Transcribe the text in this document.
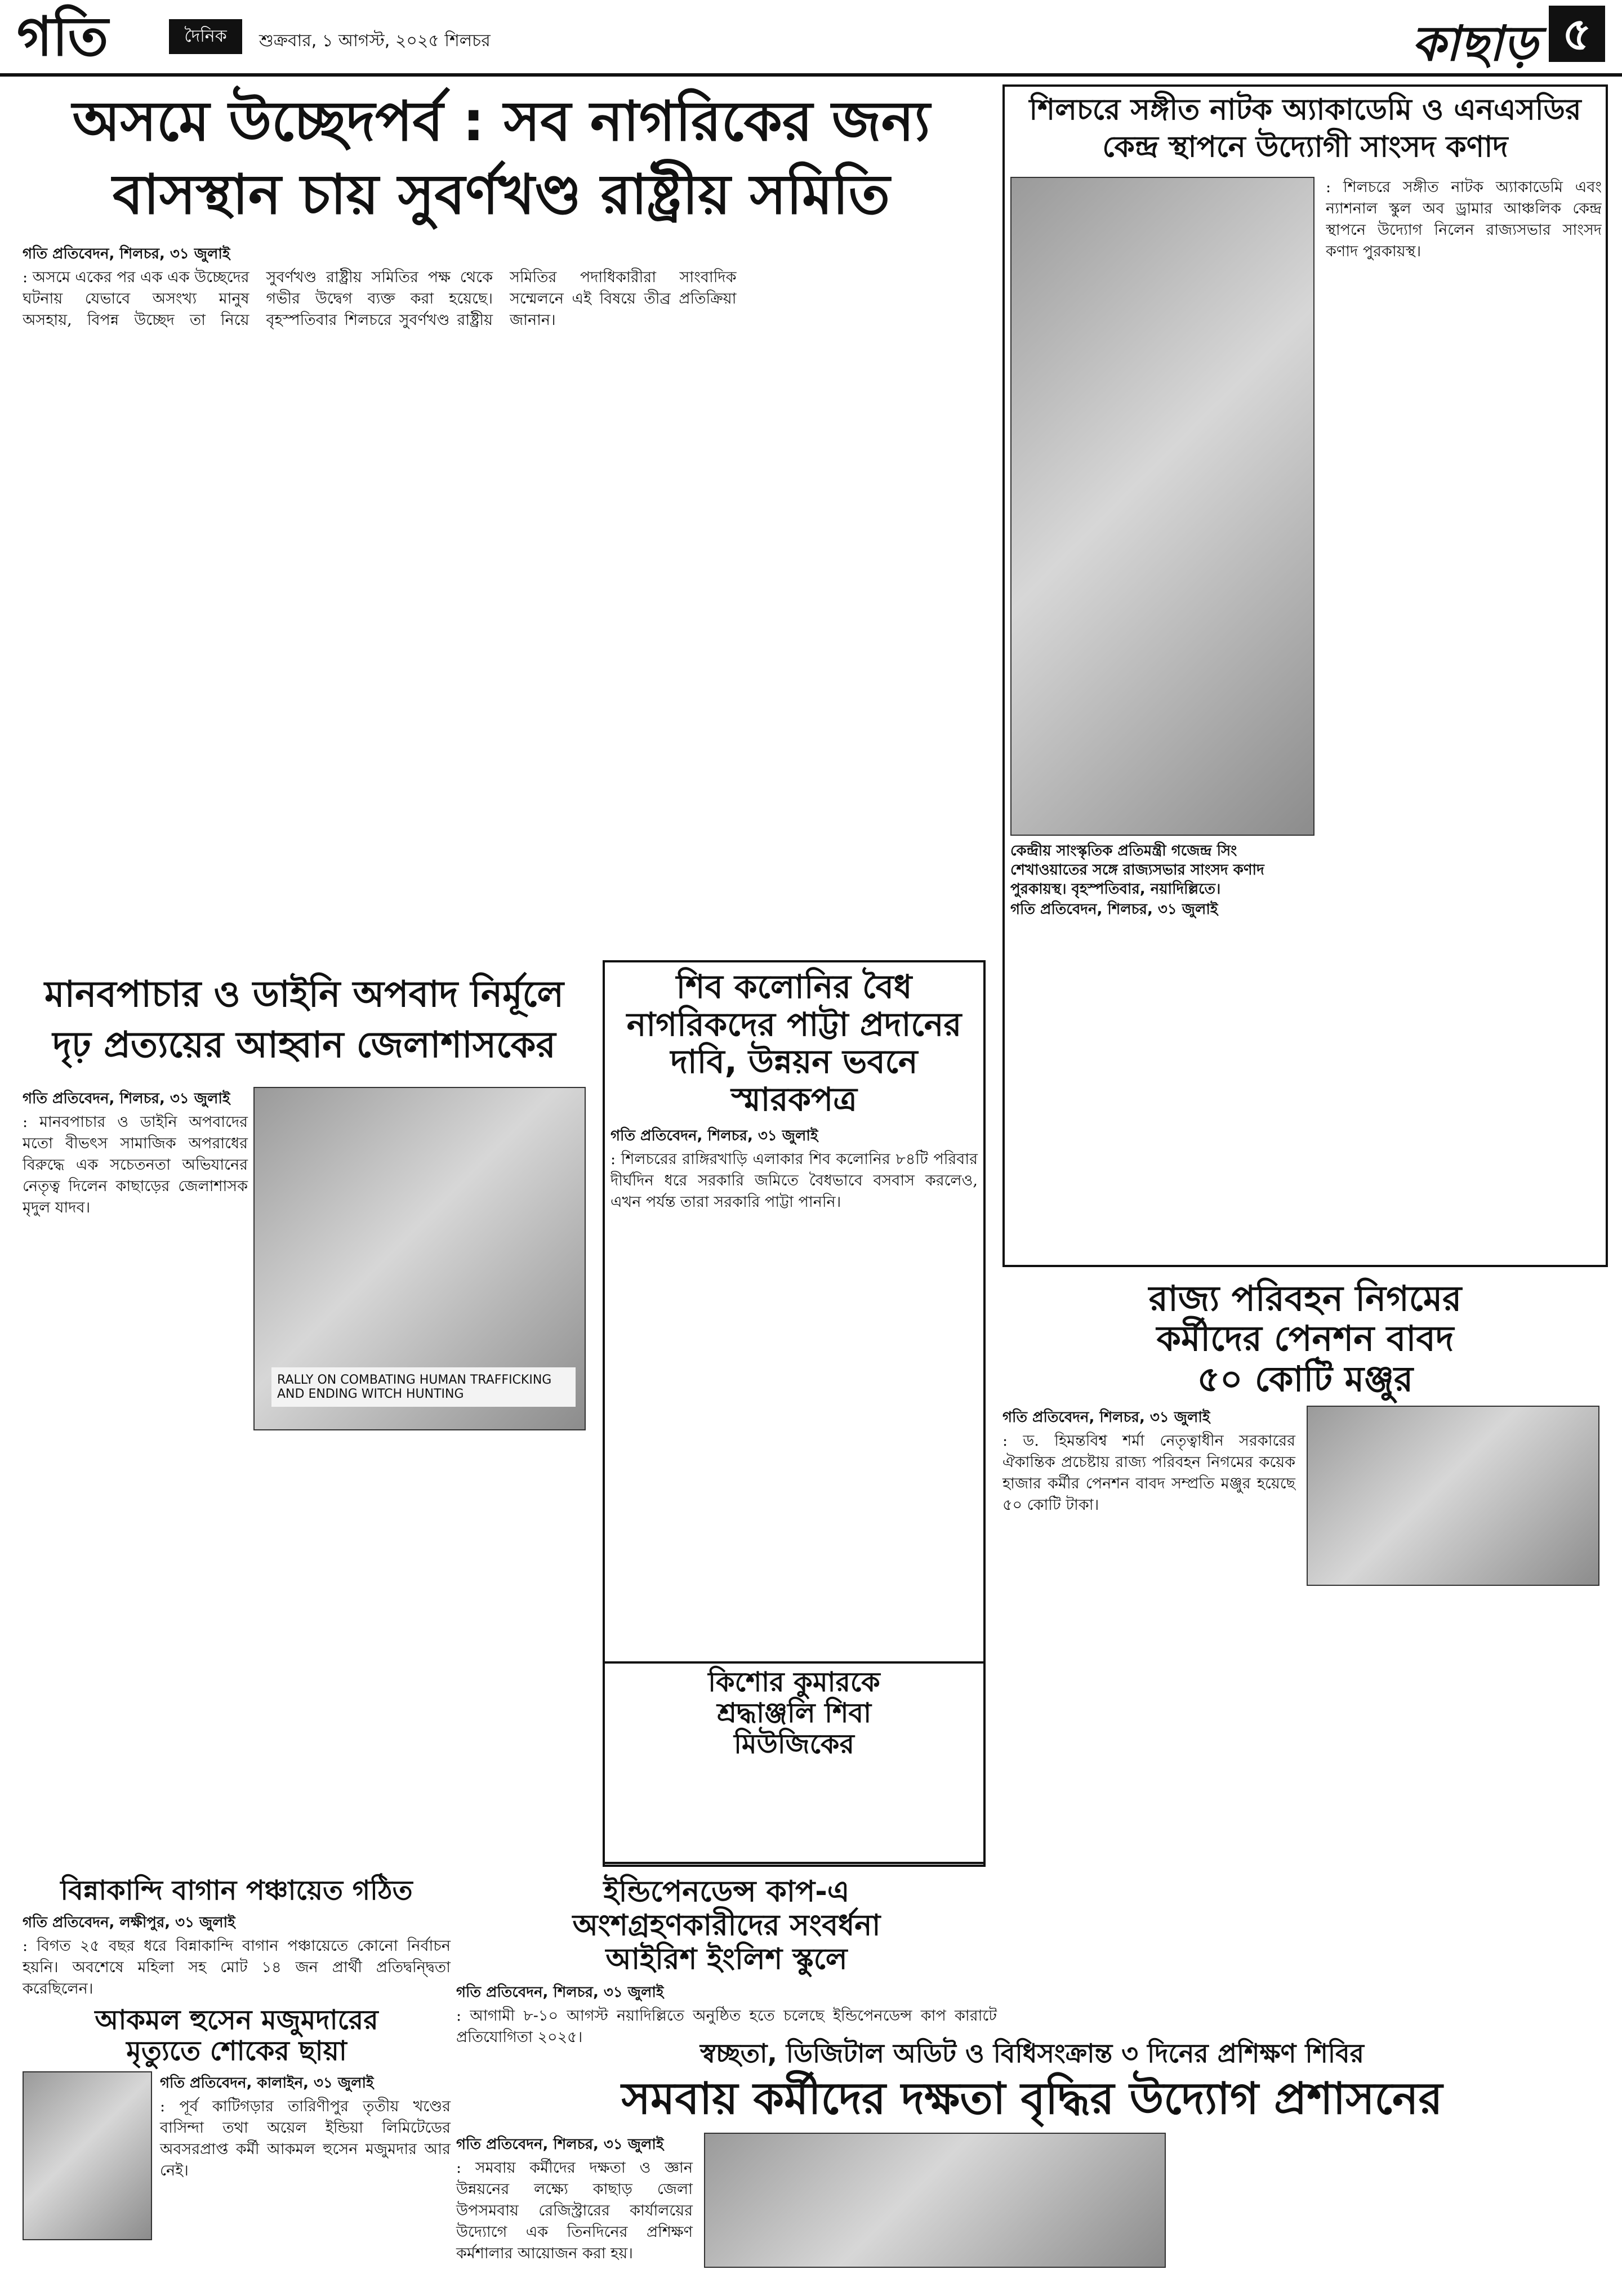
গতি	দৈনিক	শুক্রবার, ১ আগস্ট, ২০২৫ শিলচর	কাছাড় ৫
অসমে উচ্ছেদপর্ব : সব নাগরিকের জন্য
বাসস্থান চায় সুবর্ণখণ্ড রাষ্ট্রীয় সমিতি
গতি প্রতিবেদন, শিলচর, ৩১ জুলাই
: অসমে একের পর এক এক উচ্ছেদের ঘটনায় যেভাবে অসংখ্য মানুষ অসহায়, বিপন্ন উচ্ছেদ তা নিয়ে সুবর্ণখণ্ড রাষ্ট্রীয় সমিতির পক্ষ থেকে গভীর উদ্বেগ ব্যক্ত করা হয়েছে। বৃহস্পতিবার শিলচরে সুবর্ণখণ্ড রাষ্ট্রীয় সমিতির পদাধিকারীরা সাংবাদিক সম্মেলনে এই বিষয়ে তীব্র প্রতিক্রিয়া জানান।
শিলচরে সঙ্গীত নাটক অ্যাকাডেমি ও এনএসডির
কেন্দ্র স্থাপনে উদ্যোগী সাংসদ কণাদ
কেন্দ্রীয় সাংস্কৃতিক প্রতিমন্ত্রী গজেন্দ্র সিং শেখাওয়াতের সঙ্গে রাজ্যসভার সাংসদ কণাদ পুরকায়স্থ। বৃহস্পতিবার, নয়াদিল্লিতে।
: শিলচরে সঙ্গীত নাটক অ্যাকাডেমি এবং ন্যাশনাল স্কুল অব ড্রামার আঞ্চলিক কেন্দ্র স্থাপনে উদ্যোগ নিলেন রাজ্যসভার সাংসদ কণাদ পুরকায়স্থ।
গতি প্রতিবেদন, শিলচর, ৩১ জুলাই
মানবপাচার ও ডাইনি অপবাদ নির্মূলে
দৃঢ় প্রত্যয়ের আহ্বান জেলাশাসকের
গতি প্রতিবেদন, শিলচর, ৩১ জুলাই
: মানবপাচার ও ডাইনি অপবাদের মতো বীভৎস সামাজিক অপরাধের বিরুদ্ধে এক সচেতনতা অভিযানের নেতৃত্ব দিলেন কাছাড়ের জেলাশাসক মৃদুল যাদব।
RALLY ON COMBATING HUMAN TRAFFICKING AND ENDING WITCH HUNTING
শিব কলোনির বৈধ
নাগরিকদের পাট্টা প্রদানের
দাবি, উন্নয়ন ভবনে স্মারকপত্র
গতি প্রতিবেদন, শিলচর, ৩১ জুলাই
: শিলচরের রাঙ্গিরখাড়ি এলাকার শিব কলোনির ৮৪টি পরিবার দীর্ঘদিন ধরে সরকারি জমিতে বৈধভাবে বসবাস করলেও, এখন পর্যন্ত তারা সরকারি পাট্টা পাননি।
কিশোর কুমারকে
শ্রদ্ধাঞ্জলি শিবা
মিউজিকের
রাজ্য পরিবহন নিগমের
কর্মীদের পেনশন বাবদ
৫০ কোটি মঞ্জুর
গতি প্রতিবেদন, শিলচর, ৩১ জুলাই
: ড. হিমন্তবিশ্ব শর্মা নেতৃত্বাধীন সরকারের ঐকান্তিক প্রচেষ্টায় রাজ্য পরিবহন নিগমের কয়েক হাজার কর্মীর পেনশন বাবদ সম্প্রতি মঞ্জুর হয়েছে ৫০ কোটি টাকা।
ইন্ডিপেনডেন্স কাপ-এ
অংশগ্রহণকারীদের সংবর্ধনা
আইরিশ ইংলিশ স্কুলে
গতি প্রতিবেদন, শিলচর, ৩১ জুলাই
: আগামী ৮-১০ আগস্ট নয়াদিল্লিতে অনুষ্ঠিত হতে চলেছে ইন্ডিপেনডেন্স কাপ কারাটে প্রতিযোগিতা ২০২৫।
বিন্নাকান্দি বাগান পঞ্চায়েত গঠিত
গতি প্রতিবেদন, লক্ষীপুর, ৩১ জুলাই
: বিগত ২৫ বছর ধরে বিন্নাকান্দি বাগান পঞ্চায়েতে কোনো নির্বাচন হয়নি। অবশেষে মহিলা সহ মোট ১৪ জন প্রার্থী প্রতিদ্বন্দ্বিতা করেছিলেন।
আকমল হুসেন মজুমদারের
মৃত্যুতে শোকের ছায়া
গতি প্রতিবেদন, কালাইন, ৩১ জুলাই
: পূর্ব কাটিগড়ার তারিণীপুর তৃতীয় খণ্ডের বাসিন্দা তথা অয়েল ইন্ডিয়া লিমিটেডের অবসরপ্রাপ্ত কর্মী আকমল হুসেন মজুমদার আর নেই।
স্বচ্ছতা, ডিজিটাল অডিট ও বিধিসংক্রান্ত ৩ দিনের প্রশিক্ষণ শিবির
সমবায় কর্মীদের দক্ষতা বৃদ্ধির উদ্যোগ প্রশাসনের
গতি প্রতিবেদন, শিলচর, ৩১ জুলাই
: সমবায় কর্মীদের দক্ষতা ও জ্ঞান উন্নয়নের লক্ষ্যে কাছাড় জেলা উপসমবায় রেজিস্ট্রারের কার্যালয়ের উদ্যোগে এক তিনদিনের প্রশিক্ষণ কর্মশালার আয়োজন করা হয়।
